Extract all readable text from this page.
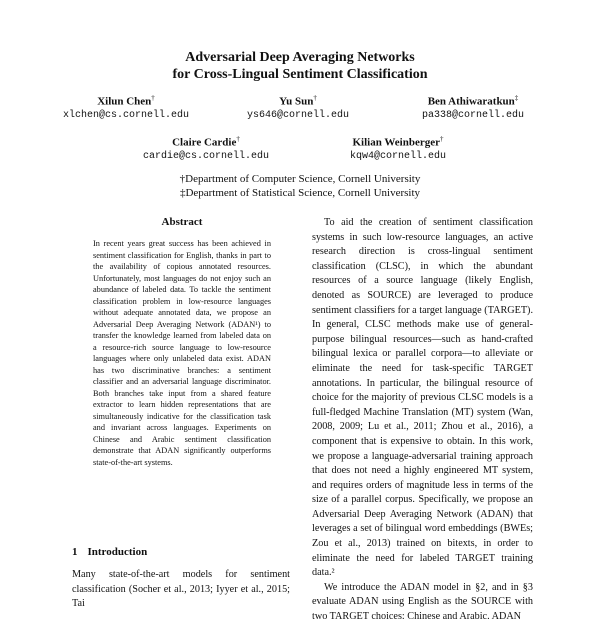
Adversarial Deep Averaging Networks
for Cross-Lingual Sentiment Classification
Xilun Chen†
xlchen@cs.cornell.edu
Yu Sun†
ys646@cornell.edu
Ben Athiwaratkun‡
pa338@cornell.edu
Claire Cardie†
cardie@cs.cornell.edu
Kilian Weinberger†
kqw4@cornell.edu
†Department of Computer Science, Cornell University
‡Department of Statistical Science, Cornell University
Abstract

In recent years great success has been achieved in sentiment classification for English, thanks in part to the availability of copious annotated resources. Unfortunately, most languages do not enjoy such an abundance of labeled data. To tackle the sentiment classification problem in low-resource languages without adequate annotated data, we propose an Adversarial Deep Averaging Network (ADAN¹) to transfer the knowledge learned from labeled data on a resource-rich source language to low-resource languages where only unlabeled data exist. ADAN has two discriminative branches: a sentiment classifier and an adversarial language discriminator. Both branches take input from a shared feature extractor to learn hidden representations that are simultaneously indicative for the classification task and invariant across languages. Experiments on Chinese and Arabic sentiment classification demonstrate that ADAN significantly outperforms state-of-the-art systems.

1 Introduction
Many state-of-the-art models for sentiment classification (Socher et al., 2013; Iyyer et al., 2015; Tai

To aid the creation of sentiment classification systems in such low-resource languages, an active research direction is cross-lingual sentiment classification (CLSC), in which the abundant resources of a source language (likely English, denoted as SOURCE) are leveraged to produce sentiment classifiers for a target language (TARGET). In general, CLSC methods make use of general-purpose bilingual resources—such as hand-crafted bilingual lexica or parallel corpora—to alleviate or eliminate the need for task-specific TARGET annotations. In particular, the bilingual resource of choice for the majority of previous CLSC models is a full-fledged Machine Translation (MT) system (Wan, 2008, 2009; Lu et al., 2011; Zhou et al., 2016), a component that is expensive to obtain. In this work, we propose a language-adversarial training approach that does not need a highly engineered MT system, and requires orders of magnitude less in terms of the size of a parallel corpus. Specifically, we propose an Adversarial Deep Averaging Network (ADAN) that leverages a set of bilingual word embeddings (BWEs; Zou et al., 2013) trained on bitexts, in order to eliminate the need for labeled TARGET training data.²

We introduce the ADAN model in §2, and in §3 evaluate ADAN using English as the SOURCE with two TARGET choices: Chinese and Arabic. ADAN
